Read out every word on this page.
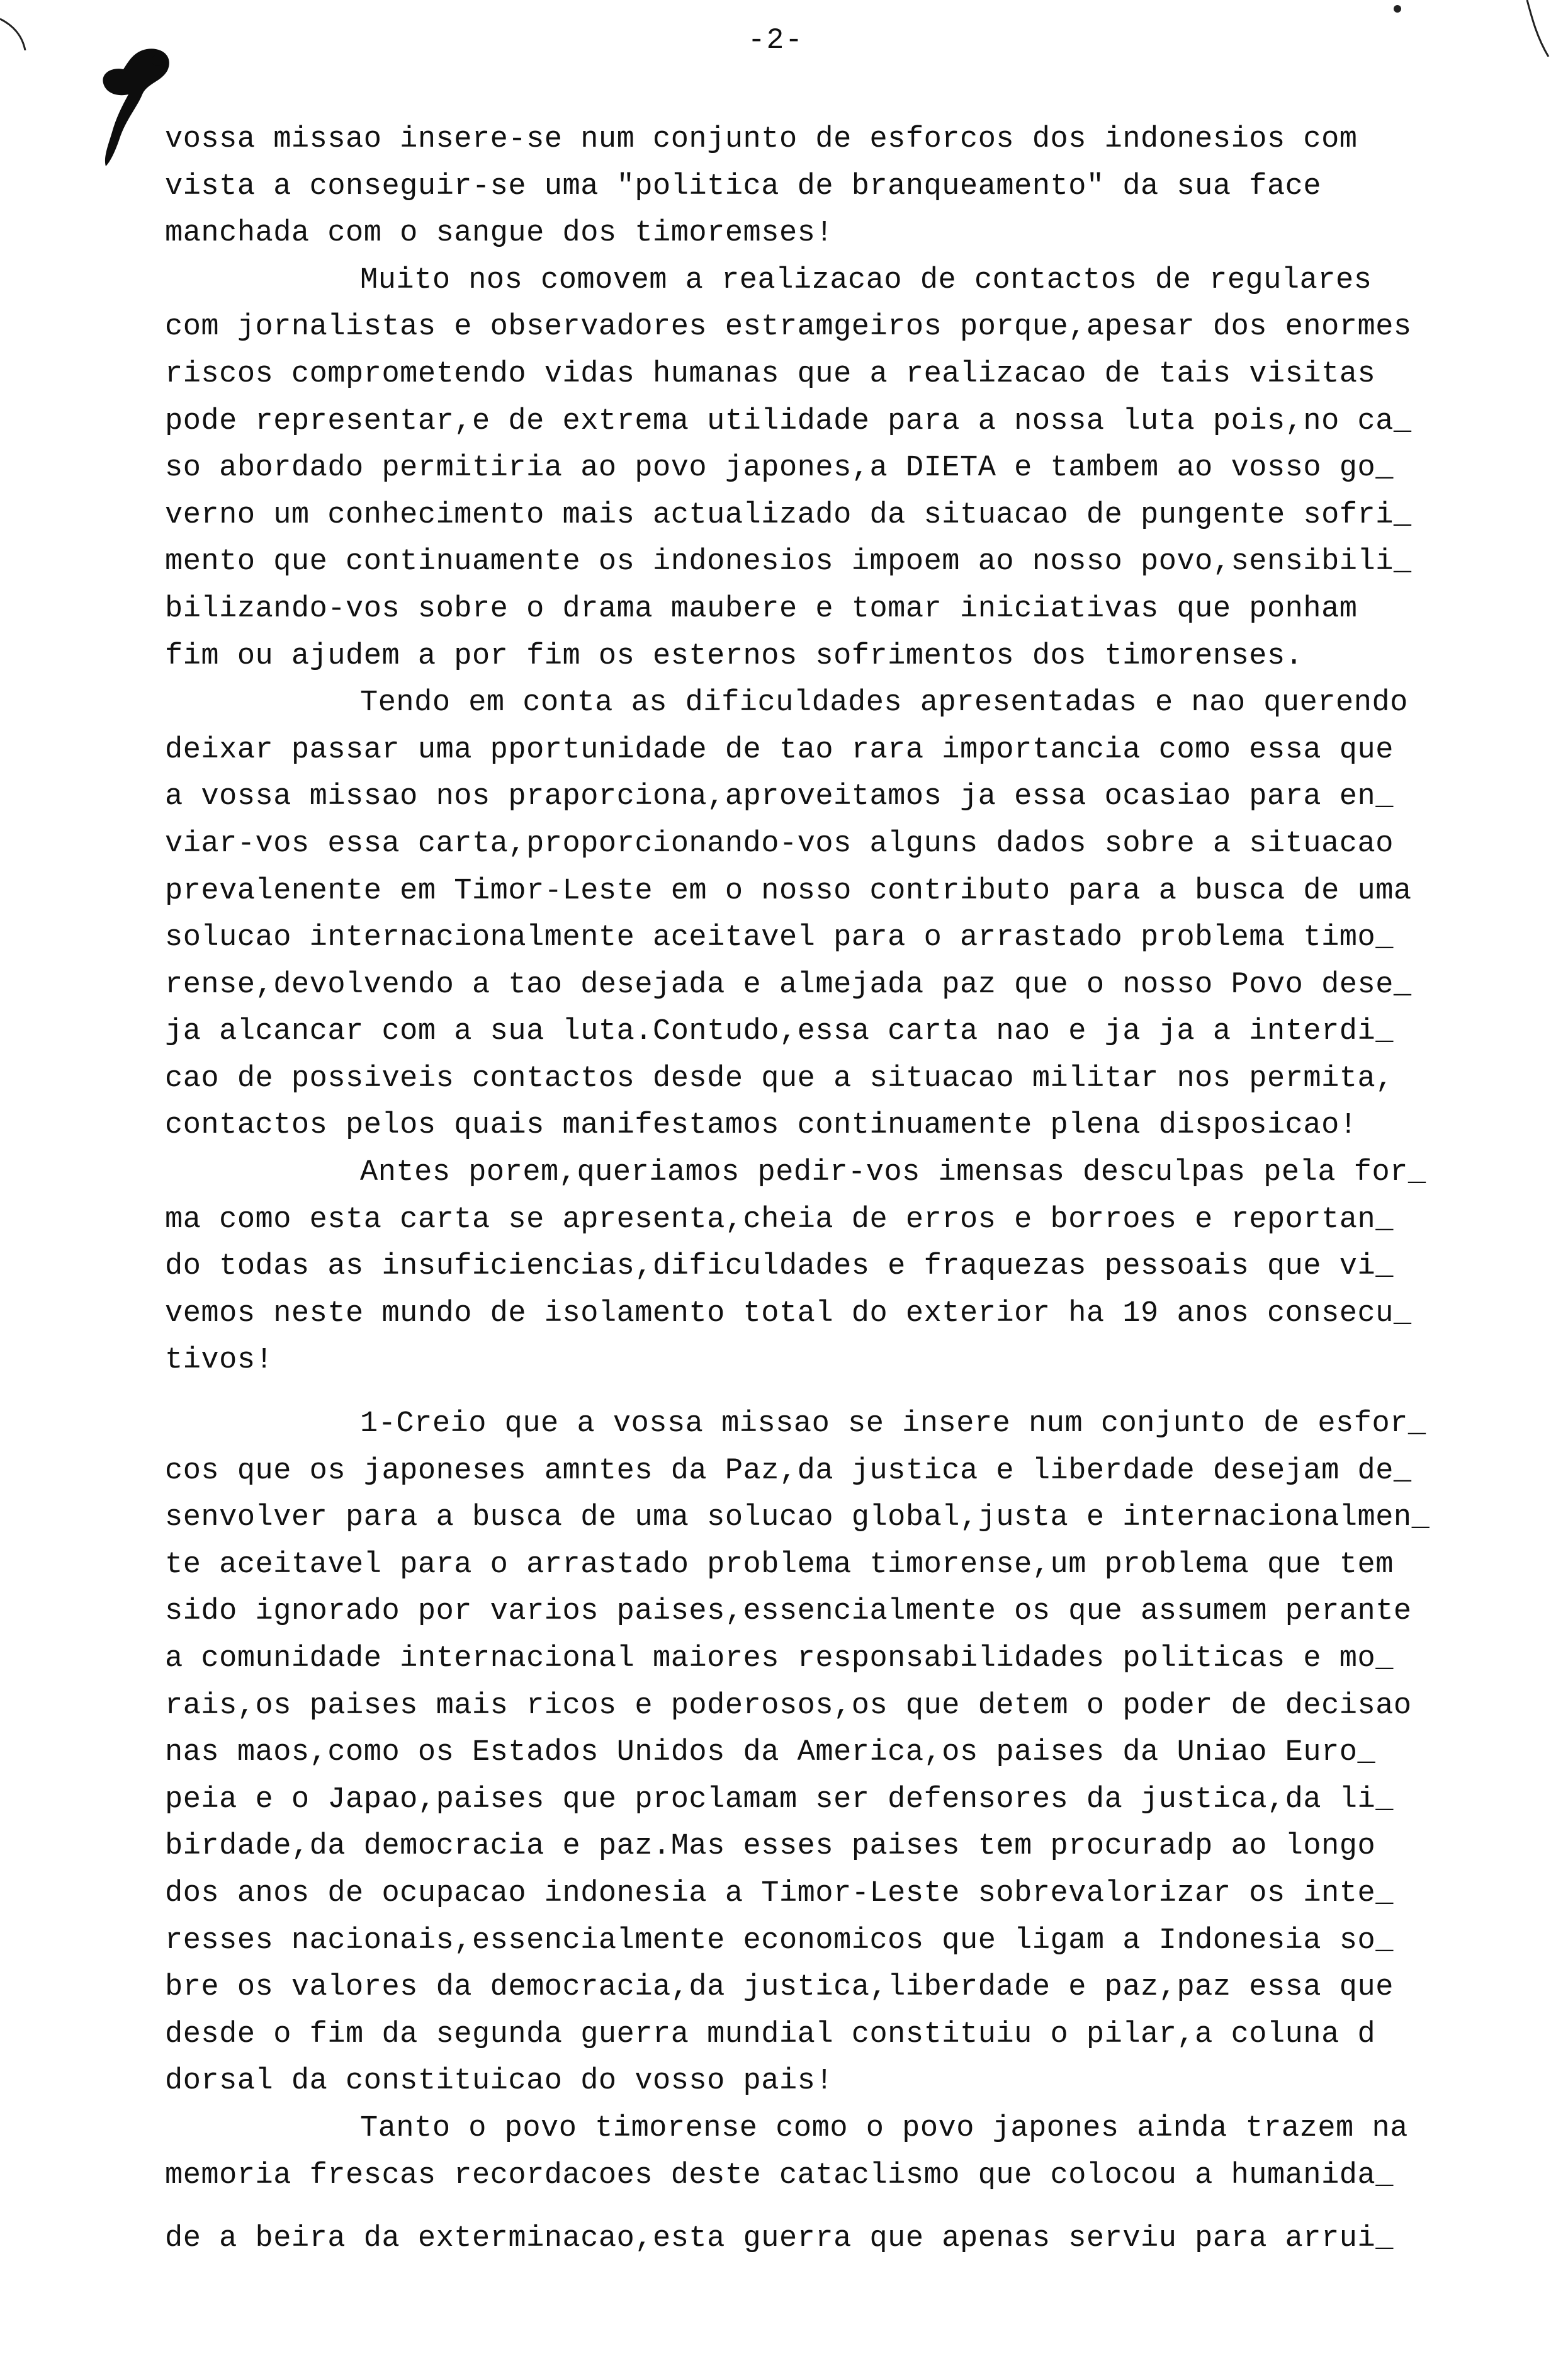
-2-
vossa missao insere-se num conjunto de esforcos dos indonesios com
vista a conseguir-se uma "politica de branqueamento" da sua face
manchada com o sangue dos timoremses!
Muito nos comovem a realizacao de contactos de regulares
com jornalistas e observadores estramgeiros porque,apesar dos enormes
riscos comprometendo vidas humanas que a realizacao de tais visitas
pode representar,e de extrema utilidade para a nossa luta pois,no ca_
so abordado permitiria ao povo japones,a DIETA e tambem ao vosso go_
verno um conhecimento mais actualizado da situacao de pungente sofri_
mento que continuamente os indonesios impoem ao nosso povo,sensibili_
bilizando-vos sobre o drama maubere e tomar iniciativas que ponham
fim ou ajudem a por fim os esternos sofrimentos dos timorenses.
Tendo em conta as dificuldades apresentadas e nao querendo
deixar passar uma pportunidade de tao rara importancia como essa que
a vossa missao nos praporciona,aproveitamos ja essa ocasiao para en_
viar-vos essa carta,proporcionando-vos alguns dados sobre a situacao
prevalenente em Timor-Leste em o nosso contributo para a busca de uma
solucao internacionalmente aceitavel para o arrastado problema timo_
rense,devolvendo a tao desejada e almejada paz que o nosso Povo dese_
ja alcancar com a sua luta.Contudo,essa carta nao e ja ja a interdi_
cao de possiveis contactos desde que a situacao militar nos permita,
contactos pelos quais manifestamos continuamente plena disposicao!
Antes porem,queriamos pedir-vos imensas desculpas pela for_
ma como esta carta se apresenta,cheia de erros e borroes e reportan_
do todas as insuficiencias,dificuldades e fraquezas pessoais que vi_
vemos neste mundo de isolamento total do exterior ha 19 anos consecu_
tivos!
1-Creio que a vossa missao se insere num conjunto de esfor_
cos que os japoneses amntes da Paz,da justica e liberdade desejam de_
senvolver para a busca de uma solucao global,justa e internacionalmen_
te aceitavel para o arrastado problema timorense,um problema que tem
sido ignorado por varios paises,essencialmente os que assumem perante
a comunidade internacional maiores responsabilidades politicas e mo_
rais,os paises mais ricos e poderosos,os que detem o poder de decisao
nas maos,como os Estados Unidos da America,os paises da Uniao Euro_
peia e o Japao,paises que proclamam ser defensores da justica,da li_
birdade,da democracia e paz.Mas esses paises tem procuradp ao longo
dos anos de ocupacao indonesia a Timor-Leste sobrevalorizar os inte_
resses nacionais,essencialmente economicos que ligam a Indonesia so_
bre os valores da democracia,da justica,liberdade e paz,paz essa que
desde o fim da segunda guerra mundial constituiu o pilar,a coluna d
dorsal da constituicao do vosso pais!
Tanto o povo timorense como o povo japones ainda trazem na
memoria frescas recordacoes deste cataclismo que colocou a humanida_
de a beira da exterminacao,esta guerra que apenas serviu para arrui_
